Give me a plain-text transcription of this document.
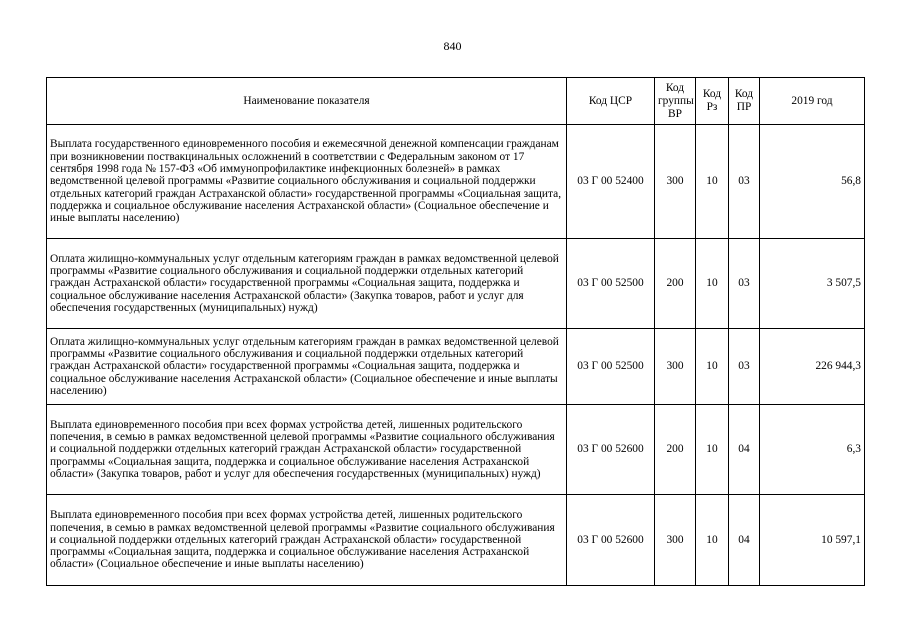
840
Наименование показателя	Код ЦСР	Код группы ВР	Код Рз	Код ПР	2019 год
Выплата государственного единовременного пособия и ежемесячной денежной компенсации гражданам при возникновении поствакцинальных осложнений в соответствии с Федеральным законом от 17 сентября 1998 года № 157-ФЗ «Об иммунопрофилактике инфекционных болезней» в рамках ведомственной целевой программы «Развитие социального обслуживания и социальной поддержки отдельных категорий граждан Астраханской области» государственной программы «Социальная защита, поддержка и социальное обслуживание населения Астраханской области» (Социальное обеспечение и иные выплаты населению)	03 Г 00 52400	300	10	03	56,8
Оплата жилищно-коммунальных услуг отдельным категориям граждан в рамках ведомственной целевой программы «Развитие социального обслуживания и социальной поддержки отдельных категорий граждан Астраханской области» государственной программы «Социальная защита, поддержка и социальное обслуживание населения Астраханской области» (Закупка товаров, работ и услуг для обеспечения государственных (муниципальных) нужд)	03 Г 00 52500	200	10	03	3 507,5
Оплата жилищно-коммунальных услуг отдельным категориям граждан в рамках ведомственной целевой программы «Развитие социального обслуживания и социальной поддержки отдельных категорий граждан Астраханской области» государственной программы «Социальная защита, поддержка и социальное обслуживание населения Астраханской области» (Социальное обеспечение и иные выплаты населению)	03 Г 00 52500	300	10	03	226 944,3
Выплата единовременного пособия при всех формах устройства детей, лишенных родительского попечения, в семью в рамках ведомственной целевой программы «Развитие социального обслуживания и социальной поддержки отдельных категорий граждан Астраханской области» государственной программы «Социальная защита, поддержка и социальное обслуживание населения Астраханской области» (Закупка товаров, работ и услуг для обеспечения государственных (муниципальных) нужд)	03 Г 00 52600	200	10	04	6,3
Выплата единовременного пособия при всех формах устройства детей, лишенных родительского попечения, в семью в рамках ведомственной целевой программы «Развитие социального обслуживания и социальной поддержки отдельных категорий граждан Астраханской области» государственной программы «Социальная защита, поддержка и социальное обслуживание населения Астраханской области» (Социальное обеспечение и иные выплаты населению)	03 Г 00 52600	300	10	04	10 597,1
